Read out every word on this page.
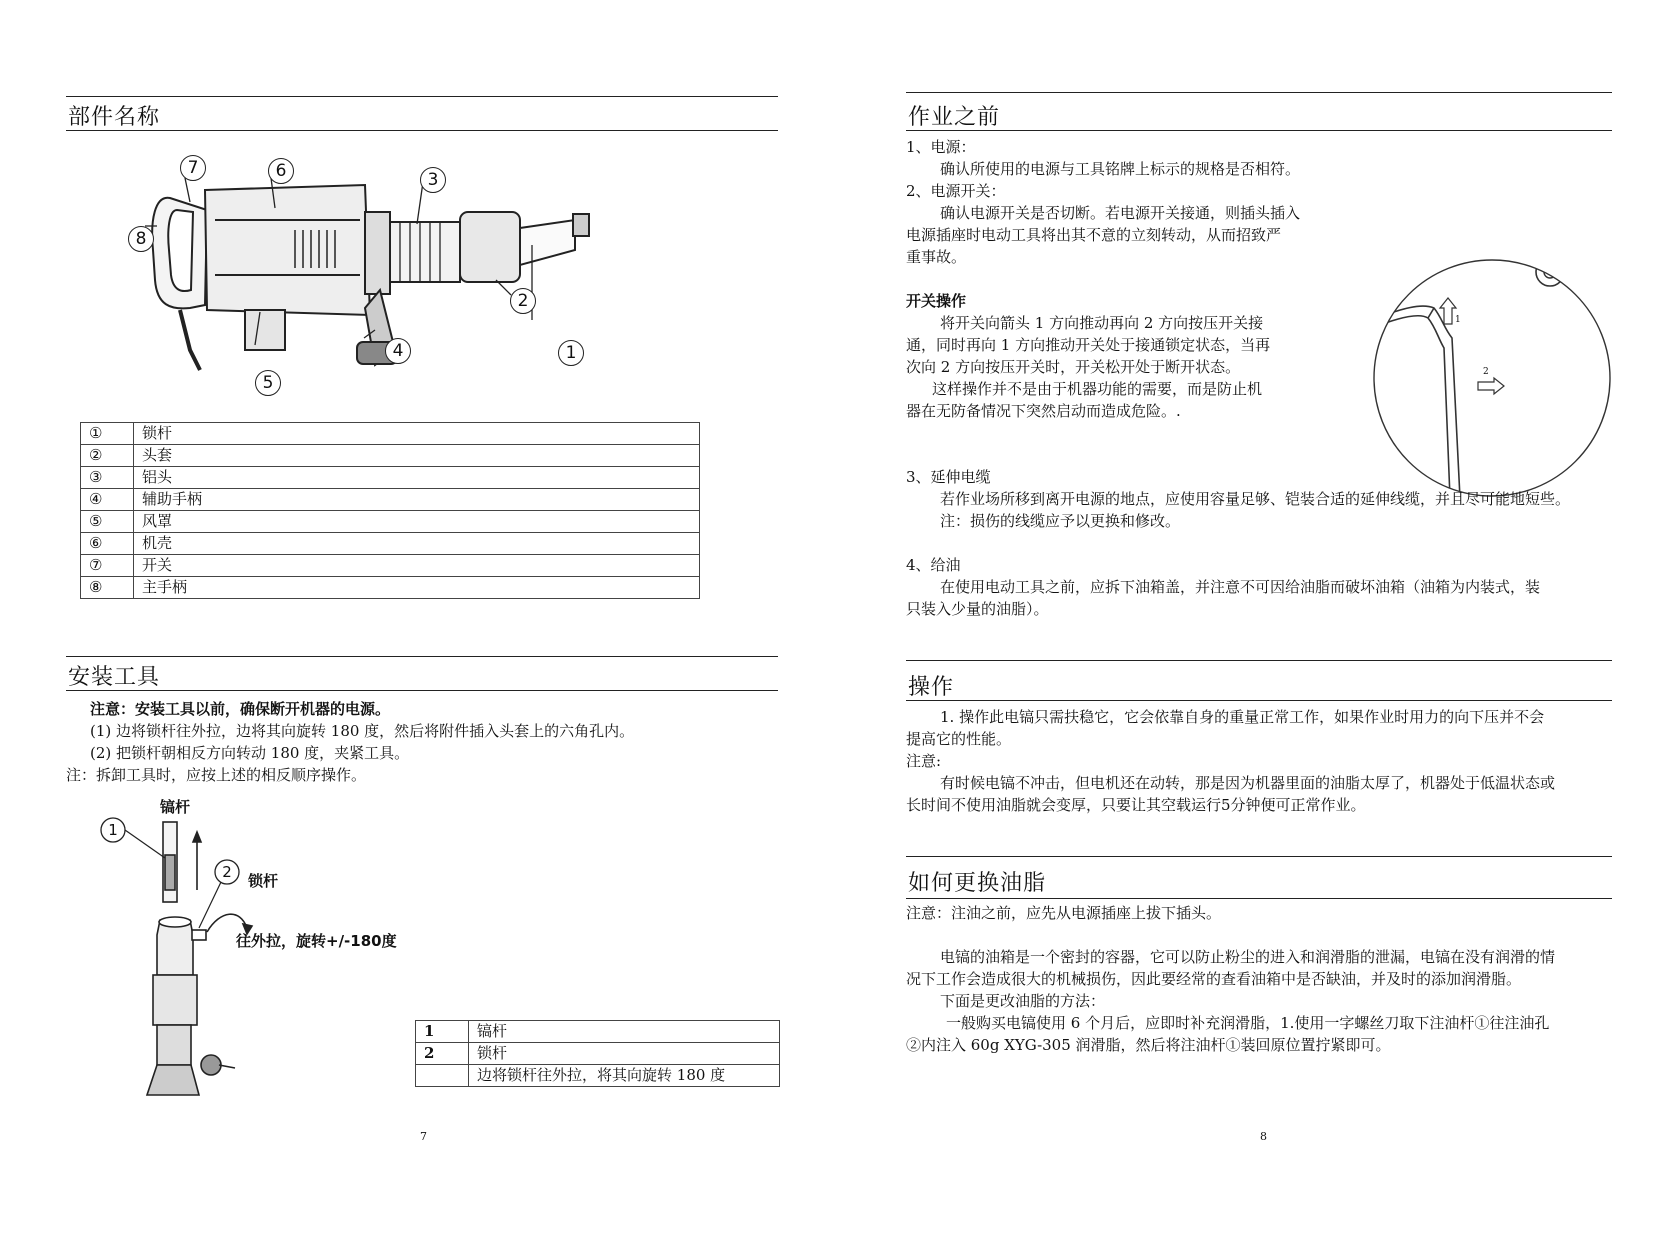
部件名称
7	6	3
8
2
4	1
5
①	锁杆
②	头套
③	铝头
④	辅助手柄
⑤	风罩
⑥	机壳
⑦	开关
⑧	主手柄
安装工具
注意：安装工具以前，确保断开机器的电源。
(1) 边将锁杆往外拉，边将其向旋转 180 度，然后将附件插入头套上的六角孔内。
(2) 把锁杆朝相反方向转动 180 度，夹紧工具。
注：拆卸工具时，应按上述的相反顺序操作。
1
2
镐杆
锁杆
往外拉，旋转+/-180度
1	镐杆
2	锁杆
	边将锁杆往外拉，将其向旋转 180 度
7
作业之前
1、电源：
确认所使用的电源与工具铭牌上标示的规格是否相符。
2、电源开关：
确认电源开关是否切断。若电源开关接通，则插头插入
电源插座时电动工具将出其不意的立刻转动，从而招致严
重事故。
开关操作
将开关向箭头 1 方向推动再向 2 方向按压开关接
通，同时再向 1 方向推动开关处于接通锁定状态，当再
次向 2 方向按压开关时，开关松开处于断开状态。
这样操作并不是由于机器功能的需要，而是防止机
器在无防备情况下突然启动而造成危险。.
1
2
3、延伸电缆
若作业场所移到离开电源的地点，应使用容量足够、铠装合适的延伸线缆，并且尽可能地短些。
注：损伤的线缆应予以更换和修改。
4、给油
在使用电动工具之前，应拆下油箱盖，并注意不可因给油脂而破坏油箱（油箱为内装式，装
只装入少量的油脂）。
操作
1. 操作此电镐只需扶稳它，它会依靠自身的重量正常工作，如果作业时用力的向下压并不会
提高它的性能。
注意:
有时候电镐不冲击，但电机还在动转，那是因为机器里面的油脂太厚了，机器处于低温状态或
长时间不使用油脂就会变厚，只要让其空载运行5分钟便可正常作业。
如何更换油脂
注意：注油之前，应先从电源插座上拔下插头。
电镐的油箱是一个密封的容器，它可以防止粉尘的进入和润滑脂的泄漏，电镐在没有润滑的情
况下工作会造成很大的机械损伤，因此要经常的查看油箱中是否缺油，并及时的添加润滑脂。
下面是更改油脂的方法：
一般购买电镐使用 6 个月后，应即时补充润滑脂，1.使用一字螺丝刀取下注油杆①往注油孔
②内注入 60g XYG-305 润滑脂，然后将注油杆①装回原位置拧紧即可。
8
